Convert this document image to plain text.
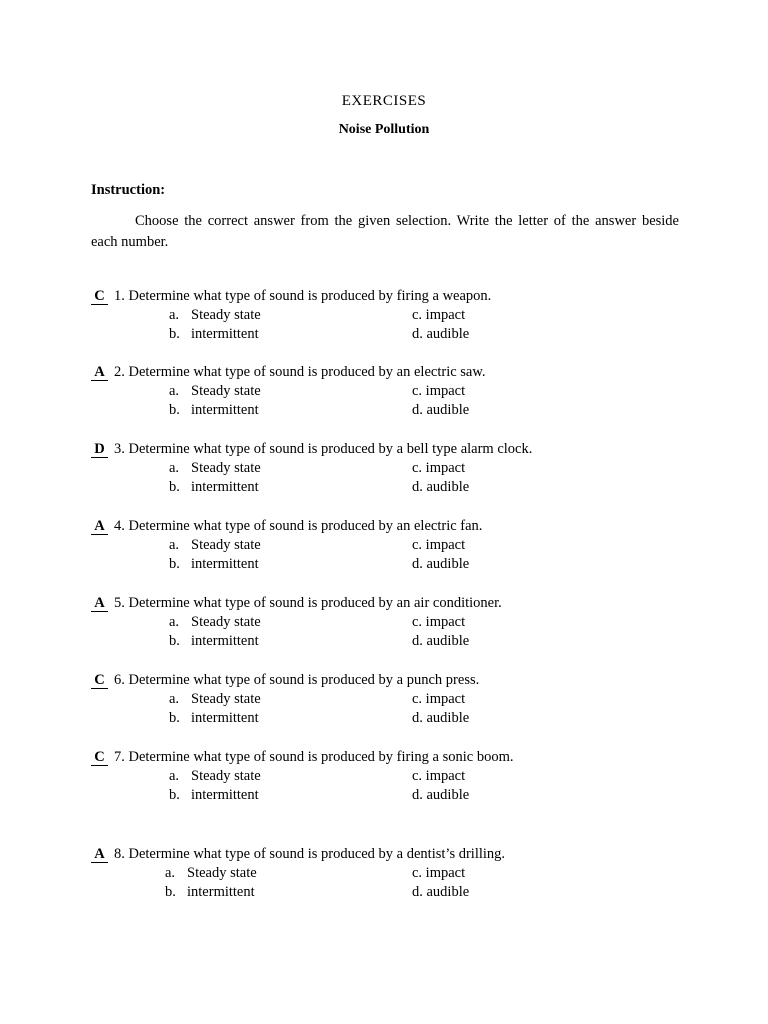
EXERCISES
Noise Pollution
Instruction:
Choose the correct answer from the given selection. Write the letter of the answer beside each number.
C 1. Determine what type of sound is produced by firing a weapon.
a. Steady state	c. impact
b. intermittent	d. audible
A 2. Determine what type of sound is produced by an electric saw.
a. Steady state	c. impact
b. intermittent	d. audible
D 3. Determine what type of sound is produced by a bell type alarm clock.
a. Steady state	c. impact
b. intermittent	d. audible
A 4. Determine what type of sound is produced by an electric fan.
a. Steady state	c. impact
b. intermittent	d. audible
A 5. Determine what type of sound is produced by an air conditioner.
a. Steady state	c. impact
b. intermittent	d. audible
C 6. Determine what type of sound is produced by a punch press.
a. Steady state	c. impact
b. intermittent	d. audible
C 7. Determine what type of sound is produced by firing a sonic boom.
a. Steady state	c. impact
b. intermittent	d. audible
A 8. Determine what type of sound is produced by a dentist’s drilling.
a. Steady state	c. impact
b. intermittent	d. audible
